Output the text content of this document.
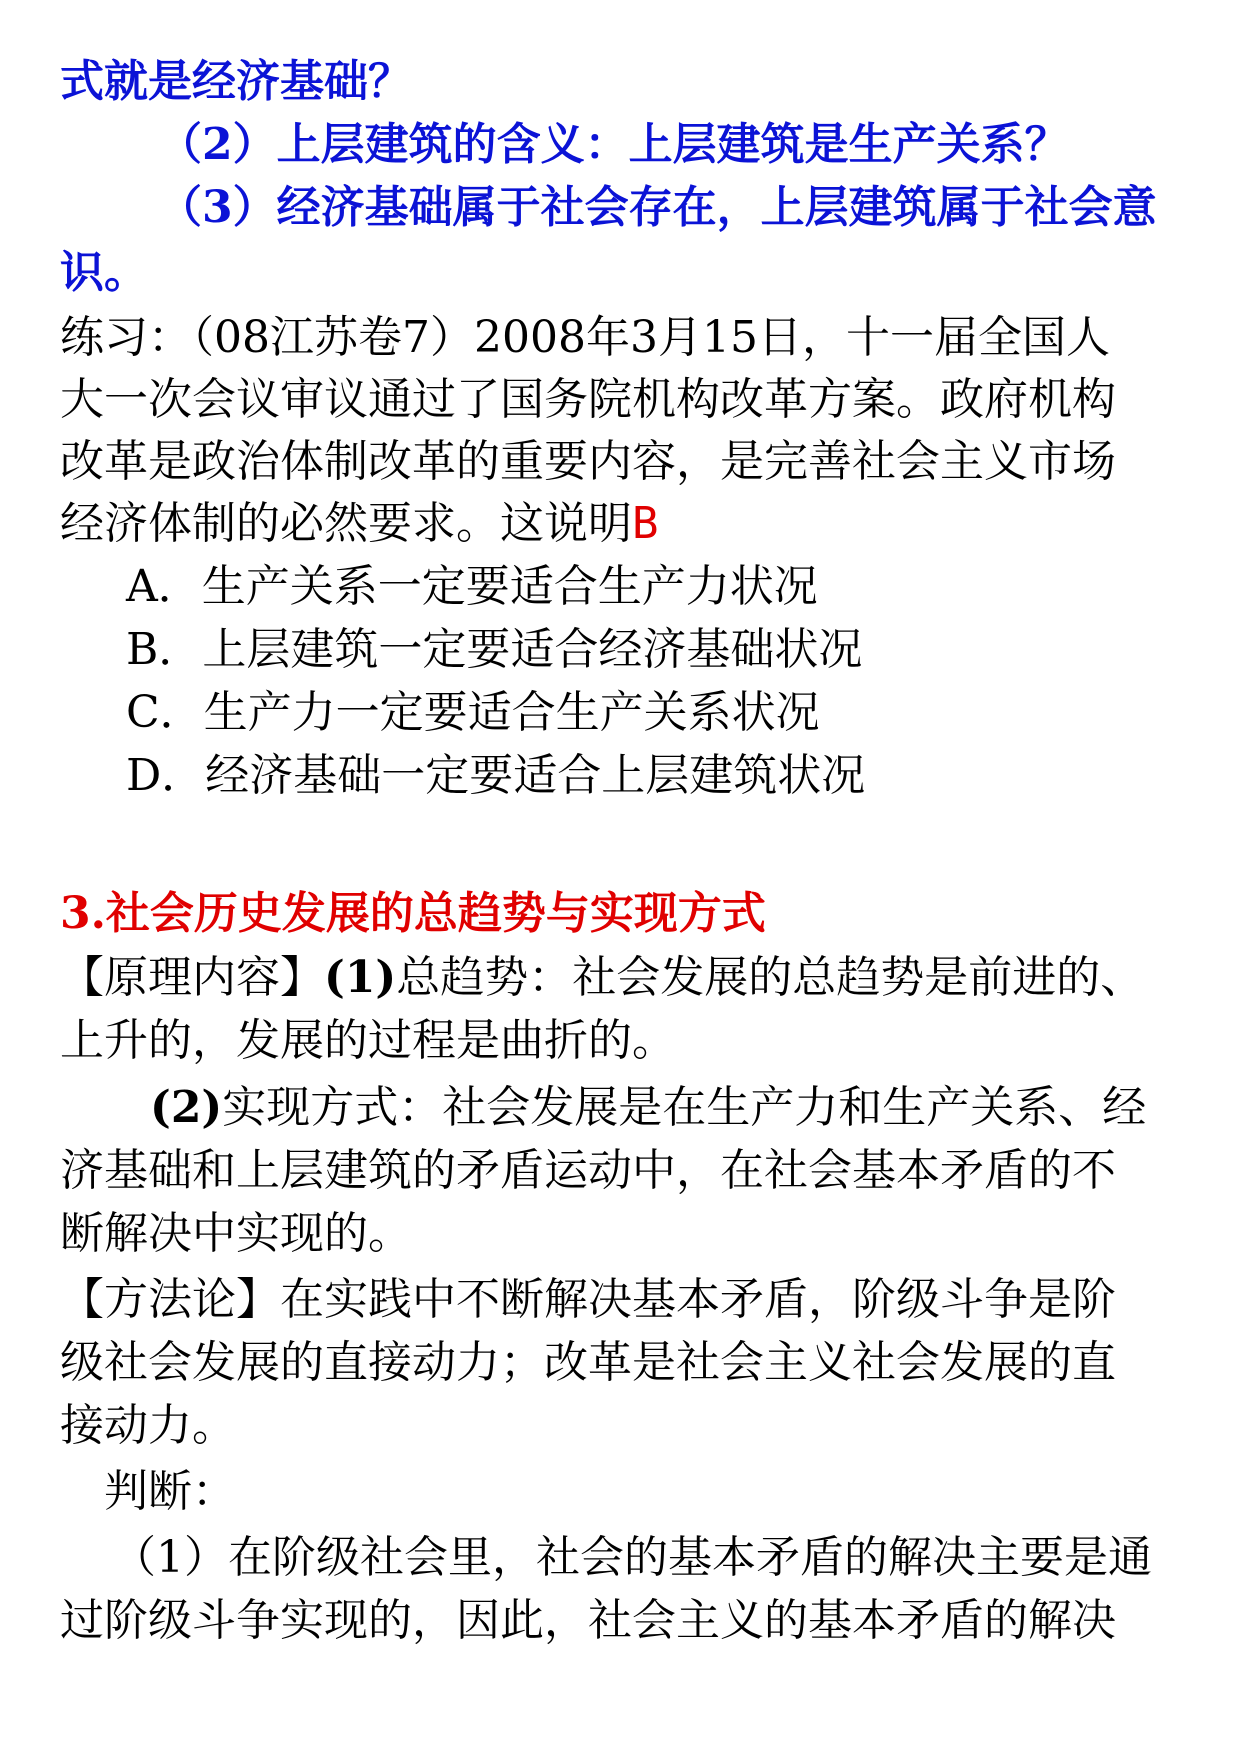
式就是经济基础？
（2）上层建筑的含义：上层建筑是生产关系？
（3）经济基础属于社会存在，上层建筑属于社会意
识。
练习：（08江苏卷7）2008年3月15日，十一届全国人
大一次会议审议通过了国务院机构改革方案。政府机构
改革是政治体制改革的重要内容，是完善社会主义市场
经济体制的必然要求。这说明B
A．生产关系一定要适合生产力状况
B．上层建筑一定要适合经济基础状况
C．生产力一定要适合生产关系状况
D．经济基础一定要适合上层建筑状况
3.社会历史发展的总趋势与实现方式
【原理内容】(1)总趋势：社会发展的总趋势是前进的、
上升的，发展的过程是曲折的。
(2)实现方式：社会发展是在生产力和生产关系、经
济基础和上层建筑的矛盾运动中，在社会基本矛盾的不
断解决中实现的。
【方法论】在实践中不断解决基本矛盾，阶级斗争是阶
级社会发展的直接动力；改革是社会主义社会发展的直
接动力。
判断：
（1）在阶级社会里，社会的基本矛盾的解决主要是通
过阶级斗争实现的，因此，社会主义的基本矛盾的解决
